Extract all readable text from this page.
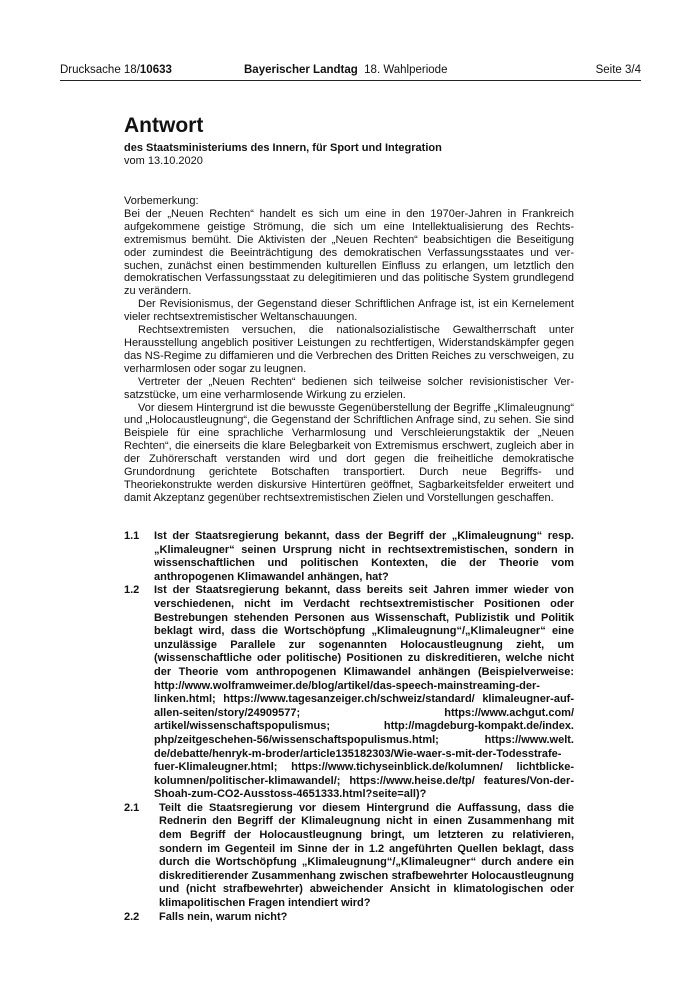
Drucksache 18/10633	Bayerischer Landtag 18. Wahlperiode	Seite 3/4
Antwort
des Staatsministeriums des Innern, für Sport und Integration
vom 13.10.2020

Vorbemerkung:

Bei der „Neuen Rechten“ handelt es sich um eine in den 1970er-Jahren in Frankreich aufgekommene geistige Strömung, die sich um eine Intellektualisierung des Rechtsextremismus bemüht. Die Aktivisten der „Neuen Rechten“ beabsichtigen die Beseitigung oder zumindest die Beeinträchtigung des demokratischen Verfassungsstaates und versuchen, zunächst einen bestimmenden kulturellen Einfluss zu erlangen, um letztlich den demokratischen Verfassungsstaat zu delegitimieren und das politische System grundlegend zu verändern.

Der Revisionismus, der Gegenstand dieser Schriftlichen Anfrage ist, ist ein Kernelement vieler rechtsextremistischer Weltanschauungen.

Rechtsextremisten versuchen, die nationalsozialistische Gewaltherrschaft unter Herausstellung angeblich positiver Leistungen zu rechtfertigen, Widerstandskämpfer gegen das NS-Regime zu diffamieren und die Verbrechen des Dritten Reiches zu verschweigen, zu verharmlosen oder sogar zu leugnen.

Vertreter der „Neuen Rechten“ bedienen sich teilweise solcher revisionistischer Versatzstücke, um eine verharmlosende Wirkung zu erzielen.

Vor diesem Hintergrund ist die bewusste Gegenüberstellung der Begriffe „Klimaleugnung“ und „Holocaustleugnung“, die Gegenstand der Schriftlichen Anfrage sind, zu sehen. Sie sind Beispiele für eine sprachliche Verharmlosung und Verschleierungstaktik der „Neuen Rechten“, die einerseits die klare Belegbarkeit von Extremismus erschwert, zugleich aber in der Zuhörerschaft verstanden wird und dort gegen die freiheitliche demokratische Grundordnung gerichtete Botschaften transportiert. Durch neue Begriffs- und Theoriekonstrukte werden diskursive Hintertüren geöffnet, Sagbarkeitsfelder erweitert und damit Akzeptanz gegenüber rechtsextremistischen Zielen und Vorstellungen geschaffen.

1.1	Ist der Staatsregierung bekannt, dass der Begriff der „Klimaleugnung“ resp. „Klimaleugner“ seinen Ursprung nicht in rechtsextremistischen, sondern in wissenschaftlichen und politischen Kontexten, die der Theorie vom anthropogenen Klimawandel anhängen, hat?
1.2	Ist der Staatsregierung bekannt, dass bereits seit Jahren immer wieder von verschiedenen, nicht im Verdacht rechtsextremistischer Positionen oder Bestrebungen stehenden Personen aus Wissenschaft, Publizistik und Politik beklagt wird, dass die Wortschöpfung „Klimaleugnung“/„Klimaleugner“ eine unzulässige Parallele zur sogenannten Holocaustleugnung zieht, um (wissenschaftliche oder politische) Positionen zu diskreditieren, welche nicht der Theorie vom anthropogenen Klimawandel anhängen (Beispielverweise: http://www.wolframweimer.de/blog/artikel/das-speech-mainstreaming-der-linken.html; https://www.tagesanzeiger.ch/schweiz/standard/ klimaleugner-auf-allen-seiten/story/24909577; https://www.achgut.com/ artikel/wissenschaftspopulismus; http://magdeburg-kompakt.de/index. php/zeitgeschehen-56/wissenschaftspopulismus.html; https://www.welt. de/debatte/henryk-m-broder/article135182303/Wie-waer-s-mit-der-Todesstrafe-fuer-Klimaleugner.html; https://www.tichyseinblick.de/kolumnen/ lichtblicke-kolumnen/politischer-klimawandel/; https://www.heise.de/tp/ features/Von-der-Shoah-zum-CO2-Ausstoss-4651333.html?seite=all)?
2.1	Teilt die Staatsregierung vor diesem Hintergrund die Auffassung, dass die Rednerin den Begriff der Klimaleugnung nicht in einen Zusammenhang mit dem Begriff der Holocaustleugnung bringt, um letzteren zu relativieren, sondern im Gegenteil im Sinne der in 1.2 angeführten Quellen beklagt, dass durch die Wortschöpfung „Klimaleugnung“/„Klimaleugner“ durch andere ein diskreditierender Zusammenhang zwischen strafbewehrter Holocaustleugnung und (nicht strafbewehrter) abweichender Ansicht in klimatologischen oder klimapolitischen Fragen intendiert wird?
2.2	Falls nein, warum nicht?
